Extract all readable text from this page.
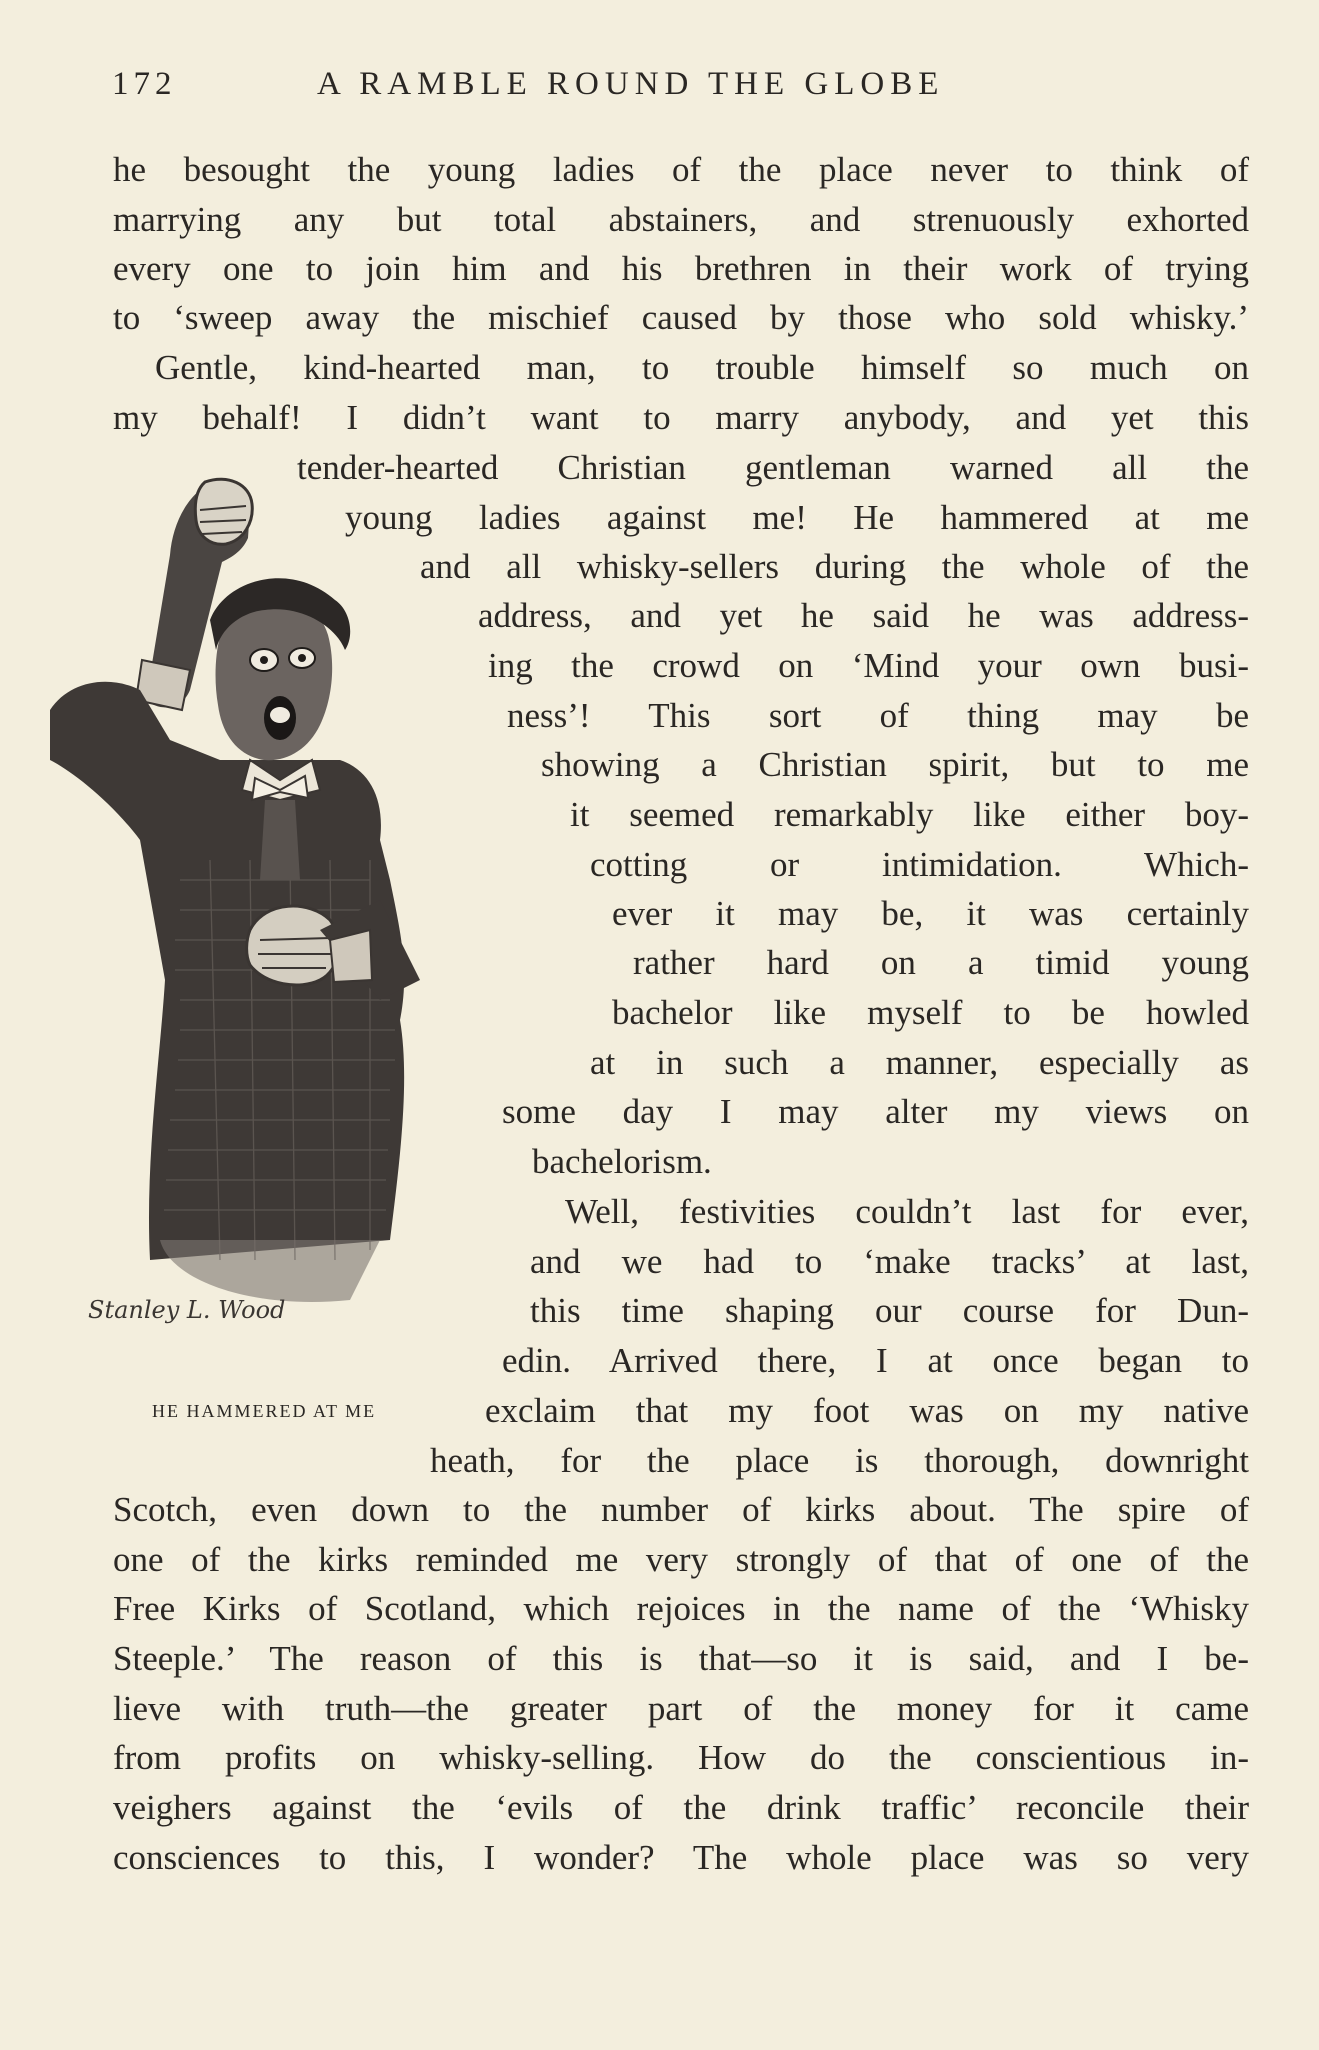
172	A RAMBLE ROUND THE GLOBE
Stanley L. Wood
HE HAMMERED AT ME
he besought the young ladies of the place never to think of
marrying any but total abstainers, and strenuously exhorted
every one to join him and his brethren in their work of trying
to ‘sweep away the mischief caused by those who sold whisky.’
Gentle, kind-hearted man, to trouble himself so much on
my behalf! I didn’t want to marry anybody, and yet this
tender-hearted Christian gentleman warned all the
young ladies against me! He hammered at me
and all whisky-sellers during the whole of the
address, and yet he said he was address-
ing the crowd on ‘Mind your own busi-
ness’! This sort of thing may be
showing a Christian spirit, but to me
it seemed remarkably like either boy-
cotting or intimidation. Which-
ever it may be, it was certainly
rather hard on a timid young
bachelor like myself to be howled
at in such a manner, especially as
some day I may alter my views on
bachelorism.
Well, festivities couldn’t last for ever,
and we had to ‘make tracks’ at last,
this time shaping our course for Dun-
edin. Arrived there, I at once began to
exclaim that my foot was on my native
heath, for the place is thorough, downright
Scotch, even down to the number of kirks about. The spire of
one of the kirks reminded me very strongly of that of one of the
Free Kirks of Scotland, which rejoices in the name of the ‘Whisky
Steeple.’ The reason of this is that—so it is said, and I be-
lieve with truth—the greater part of the money for it came
from profits on whisky-selling. How do the conscientious in-
veighers against the ‘evils of the drink traffic’ reconcile their
consciences to this, I wonder? The whole place was so very
